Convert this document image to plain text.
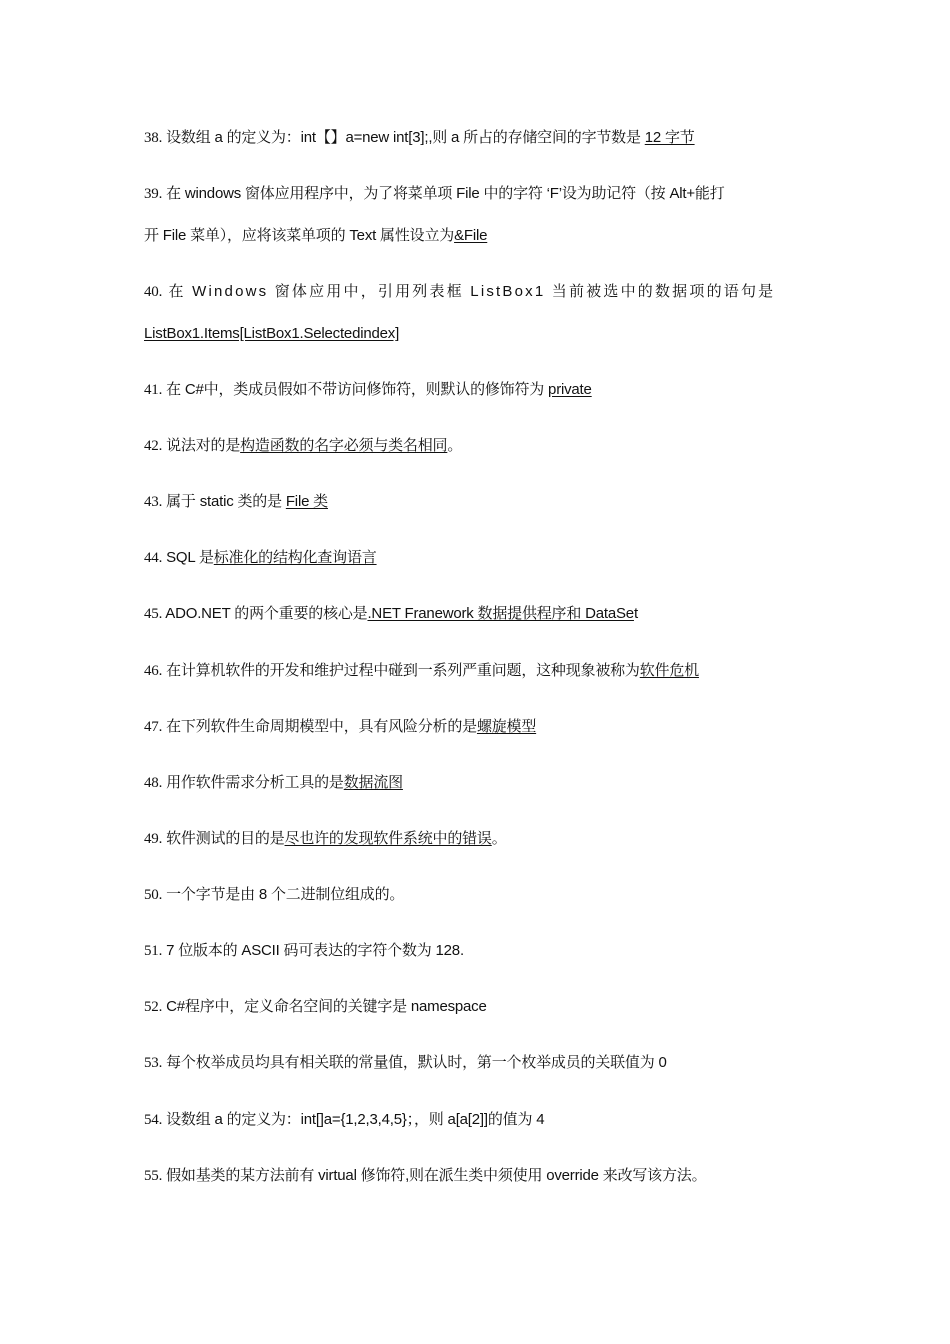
38. 设数组 a 的定义为：int【】a=new int[3];,则 a 所占的存储空间的字节数是 12 字节
39. 在 windows 窗体应用程序中，为了将菜单项 File 中的字符 ‘F’设为助记符（按 Alt+能打
开 File 菜单），应将该菜单项的 Text 属性设立为&File
40. 在 Windows 窗体应用中，引用列表框 ListBox1 当前被选中的数据项的语句是
ListBox1.Items[ListBox1.Selectedindex]
41. 在 C#中，类成员假如不带访问修饰符，则默认的修饰符为 private
42. 说法对的是构造函数的名字必须与类名相同。
43. 属于 static 类的是 File 类
44. SQL 是标准化的结构化查询语言
45. ADO.NET 的两个重要的核心是.NET Franework 数据提供程序和 DataSet
46. 在计算机软件的开发和维护过程中碰到一系列严重问题，这种现象被称为软件危机
47. 在下列软件生命周期模型中，具有风险分析的是螺旋模型
48. 用作软件需求分析工具的是数据流图
49. 软件测试的目的是尽也许的发现软件系统中的错误。
50. 一个字节是由 8 个二进制位组成的。
51. 7 位版本的 ASCII 码可表达的字符个数为 128.
52. C#程序中，定义命名空间的关键字是 namespace
53. 每个枚举成员均具有相关联的常量值，默认时，第一个枚举成员的关联值为 0
54. 设数组 a 的定义为：int[]a={1,2,3,4,5}；，则 a[a[2]]的值为 4
55. 假如基类的某方法前有 virtual 修饰符,则在派生类中须使用 override 来改写该方法。
